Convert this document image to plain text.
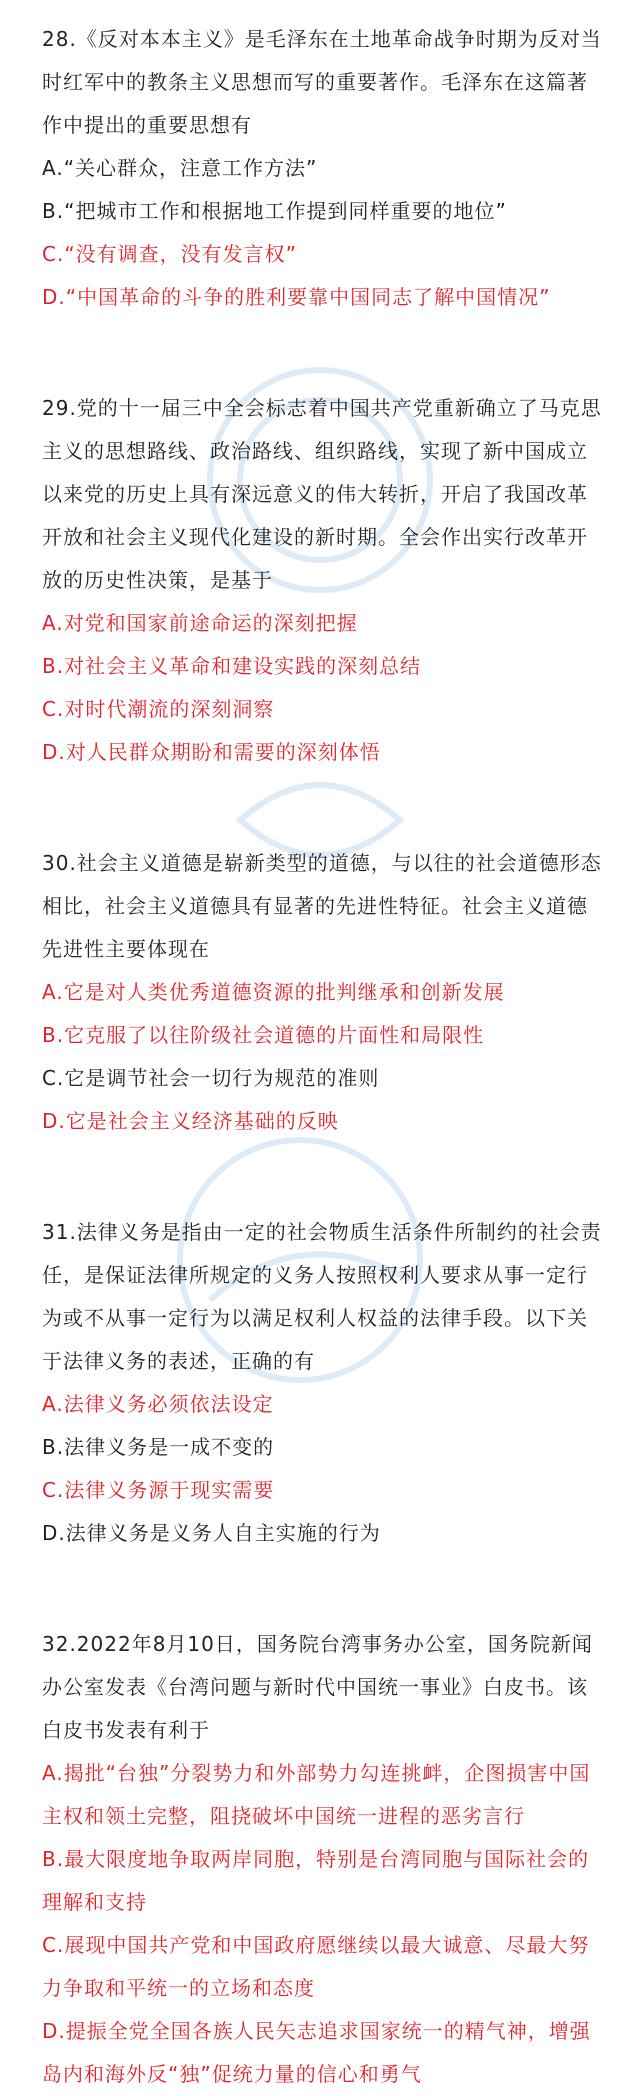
28.《反对本本主义》是毛泽东在土地革命战争时期为反对当时红军中的教条主义思想而写的重要著作。毛泽东在这篇著作中提出的重要思想有

A.“关心群众，注意工作方法”

B.“把城市工作和根据地工作提到同样重要的地位”

C.“没有调查，没有发言权”

D.“中国革命的斗争的胜利要靠中国同志了解中国情况”

29.党的十一届三中全会标志着中国共产党重新确立了马克思主义的思想路线、政治路线、组织路线，实现了新中国成立以来党的历史上具有深远意义的伟大转折，开启了我国改革开放和社会主义现代化建设的新时期。全会作出实行改革开放的历史性决策，是基于

A.对党和国家前途命运的深刻把握

B.对社会主义革命和建设实践的深刻总结

C.对时代潮流的深刻洞察

D.对人民群众期盼和需要的深刻体悟

30.社会主义道德是崭新类型的道德，与以往的社会道德形态相比，社会主义道德具有显著的先进性特征。社会主义道德先进性主要体现在

A.它是对人类优秀道德资源的批判继承和创新发展

B.它克服了以往阶级社会道德的片面性和局限性

C.它是调节社会一切行为规范的准则

D.它是社会主义经济基础的反映

31.法律义务是指由一定的社会物质生活条件所制约的社会责任，是保证法律所规定的义务人按照权利人要求从事一定行为或不从事一定行为以满足权利人权益的法律手段。以下关于法律义务的表述，正确的有

A.法律义务必须依法设定

B.法律义务是一成不变的

C.法律义务源于现实需要

D.法律义务是义务人自主实施的行为

32.2022年8月10日，国务院台湾事务办公室，国务院新闻办公室发表《台湾问题与新时代中国统一事业》白皮书。该白皮书发表有利于

A.揭批“台独”分裂势力和外部势力勾连挑衅，企图损害中国主权和领土完整，阻挠破坏中国统一进程的恶劣言行

B.最大限度地争取两岸同胞，特别是台湾同胞与国际社会的理解和支持

C.展现中国共产党和中国政府愿继续以最大诚意、尽最大努力争取和平统一的立场和态度

D.提振全党全国各族人民矢志追求国家统一的精气神，增强岛内和海外反“独”促统力量的信心和勇气
